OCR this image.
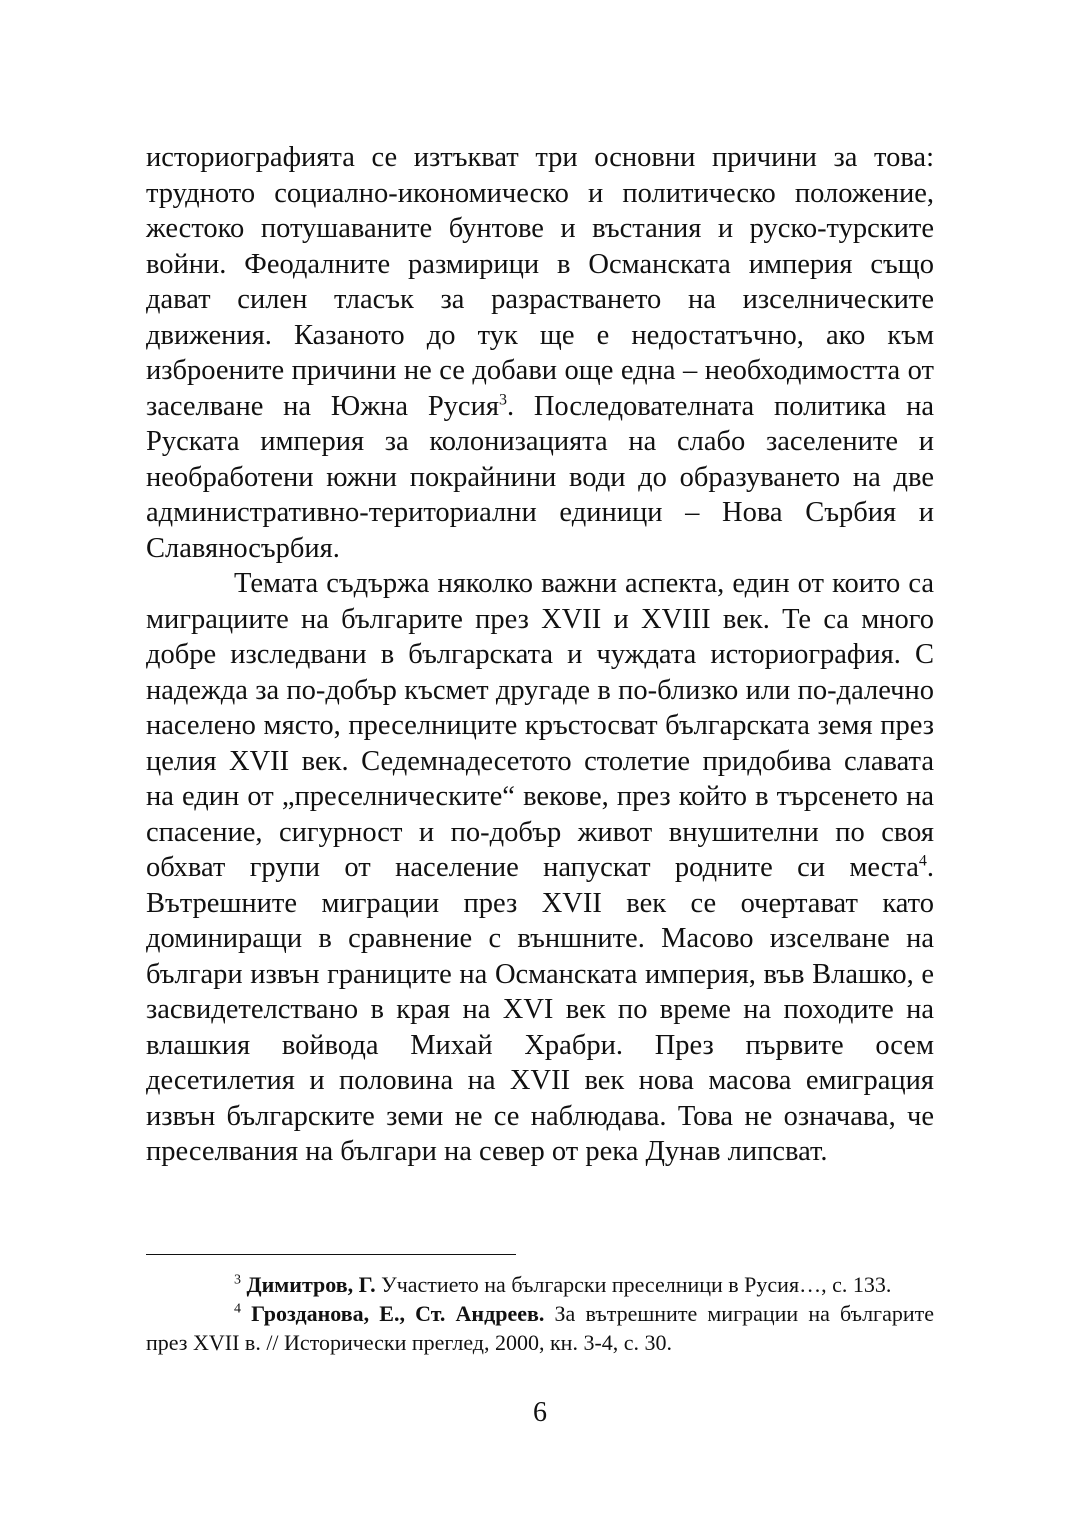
историографията се изтъкват три основни причини за това: трудното социално-икономическо и политическо положение, жестоко потушаваните бунтове и въстания и руско-турските войни. Феодалните размирици в Османската империя също дават силен тласък за разрастването на изселническите движения. Казаното до тук ще е недостатъчно, ако към изброените причини не се добави още една – необходимостта от заселване на Южна Русия$^3$. Последователната политика на Руската империя за колонизацията на слабо заселените и необработени южни покрайнини води до образуването на две административно-териториални единици – Нова Сърбия и Славяносърбия.

Темата съдържа няколко важни аспекта, един от които са миграциите на българите през XVII и XVIII век. Те са много добре изследвани в българската и чуждата историография. С надежда за по-добър късмет другаде в по-близко или по-далечно населено място, преселниците кръстосват българската земя през целия XVII век. Седемнадесетото столетие придобива славата на един от „преселническите“ векове, през който в търсенето на спасение, сигурност и по-добър живот внушителни по своя обхват групи от население напускат родните си места$^4$. Вътрешните миграции през XVII век се очертават като доминиращи в сравнение с външните. Масово изселване на българи извън границите на Османската империя, във Влашко, е засвидетелствано в края на XVI век по време на походите на влашкия войвода Михай Храбри. През първите осем десетилетия и половина на XVII век нова масова емиграция извън българските земи не се наблюдава. Това не означава, че преселвания на българи на север от река Дунав липсват.

$^3$ Димитров, Г. Участието на български преселници в Русия…, с. 133.

$^4$ Грозданова, Е., Ст. Андреев. За вътрешните миграции на българите през XVII в. // Исторически преглед, 2000, кн. 3-4, с. 30.

6
